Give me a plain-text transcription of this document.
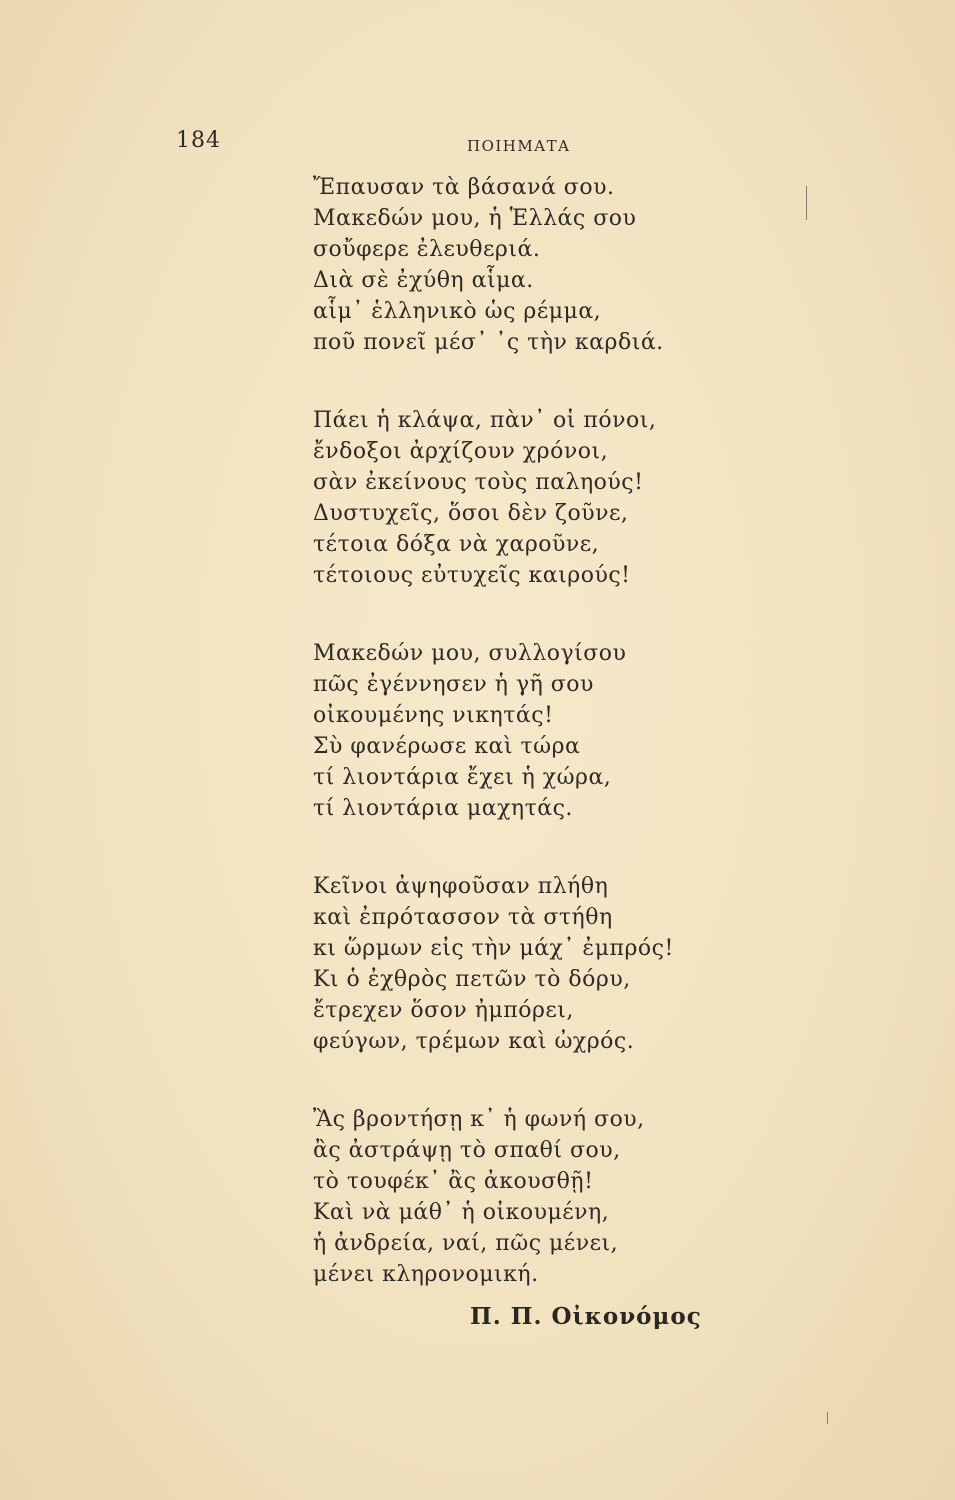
184	ΠΟΙΗΜΑΤΑ
Ἔπαυσαν τὰ βάσανά σου.
Μακεδών μου, ἡ Ἑλλάς σου
σοὔφερε ἐλευθεριά.
Διὰ σὲ ἐχύθη αἷμα.
αἷμ᾽ ἑλληνικὸ ὡς ρέμμα,
ποῦ πονεῖ μέσ᾽ ᾽ς τὴν καρδιά.
Πάει ἡ κλάψα, πὰν᾽ οἱ πόνοι,
ἔνδοξοι ἀρχίζουν χρόνοι,
σὰν ἐκείνους τοὺς παληούς!
Δυστυχεῖς, ὅσοι δὲν ζοῦνε,
τέτοια δόξα νὰ χαροῦνε,
τέτοιους εὐτυχεῖς καιρούς!
Μακεδών μου, συλλογίσου
πῶς ἐγέννησεν ἡ γῆ σου
οἰκουμένης νικητάς!
Σὺ φανέρωσε καὶ τώρα
τί λιοντάρια ἔχει ἡ χώρα,
τί λιοντάρια μαχητάς.
Κεῖνοι ἀψηφοῦσαν πλήθη
καὶ ἐπρότασσον τὰ στήθη
κι ὥρμων εἰς τὴν μάχ᾽ ἐμπρός!
Κι ὁ ἐχθρὸς πετῶν τὸ δόρυ,
ἔτρεχεν ὅσον ἠμπόρει,
φεύγων, τρέμων καὶ ὠχρός.
Ἂς βροντήσῃ κ᾽ ἡ φωνή σου,
ἂς ἀστράψῃ τὸ σπαθί σου,
τὸ τουφέκ᾽ ἂς ἀκουσθῇ!
Καὶ νὰ μάθ᾽ ἡ οἰκουμένη,
ἡ ἀνδρεία, ναί, πῶς μένει,
μένει κληρονομική.
Π. Π. Οἰκονόμος
